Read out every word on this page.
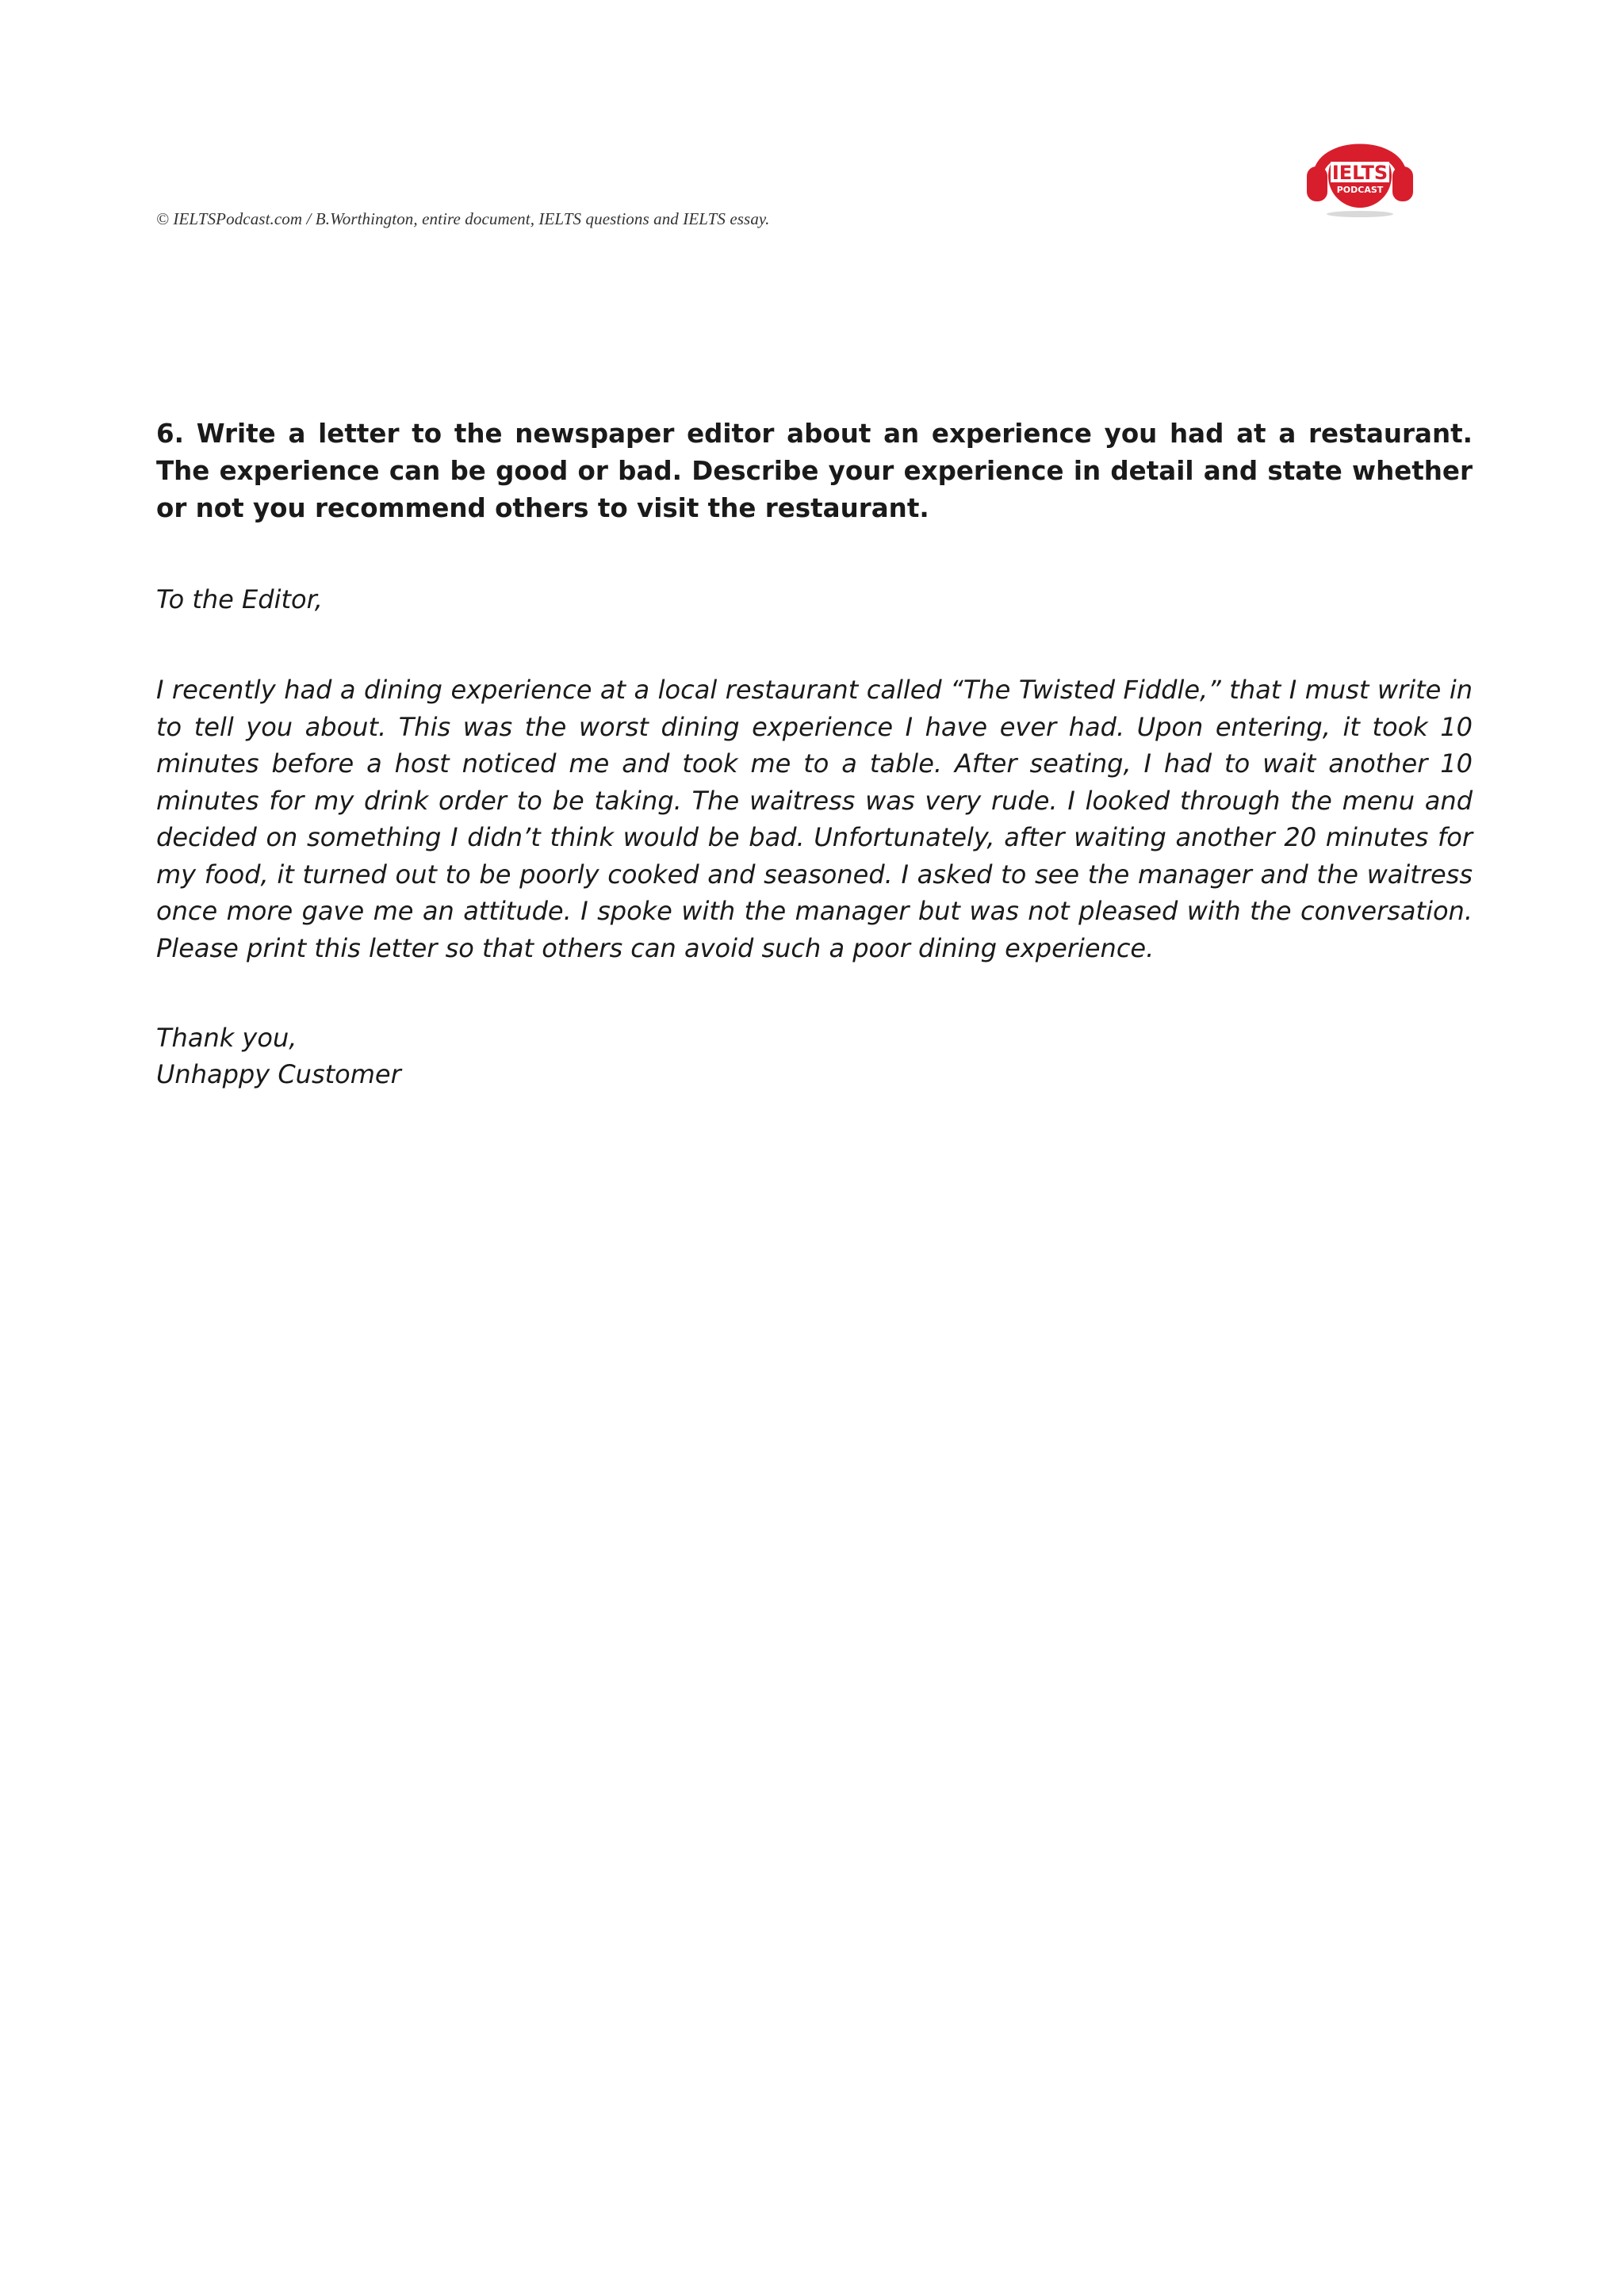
© IELTSPodcast.com / B.Worthington, entire document, IELTS questions and IELTS essay.
IELTS
PODCAST
6. Write a letter to the newspaper editor about an experience you had at a restaurant. The experience can be good or bad. Describe your experience in detail and state whether or not you recommend others to visit the restaurant.
To the Editor,
I recently had a dining experience at a local restaurant called “The Twisted Fiddle,” that I must write in to tell you about. This was the worst dining experience I have ever had. Upon entering, it took 10 minutes before a host noticed me and took me to a table. After seating, I had to wait another 10 minutes for my drink order to be taking. The waitress was very rude. I looked through the menu and decided on something I didn’t think would be bad. Unfortunately, after waiting another 20 minutes for my food, it turned out to be poorly cooked and seasoned. I asked to see the manager and the waitress once more gave me an attitude. I spoke with the manager but was not pleased with the conversation. Please print this letter so that others can avoid such a poor dining experience.
Thank you,
Unhappy Customer
